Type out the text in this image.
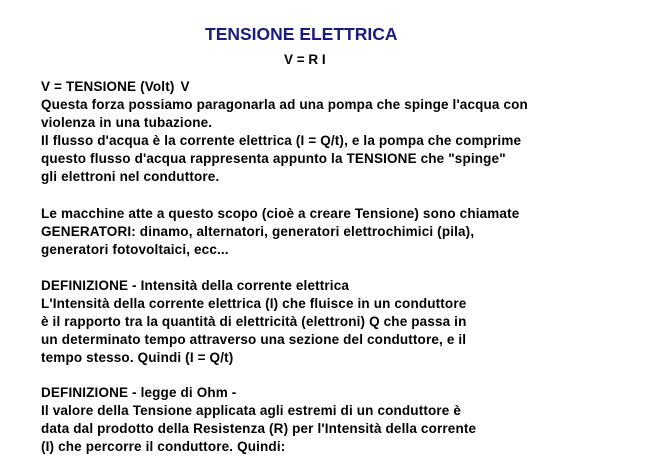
TENSIONE ELETTRICA
V = R I
V = TENSIONE (Volt) V
Questa forza possiamo paragonarla ad una pompa che spinge l'acqua con
violenza in una tubazione.
Il flusso d'acqua è la corrente elettrica (I = Q/t), e la pompa che comprime
questo flusso d'acqua rappresenta appunto la TENSIONE che "spinge"
gli elettroni nel conduttore.
Le macchine atte a questo scopo (cioè a creare Tensione) sono chiamate
GENERATORI: dinamo, alternatori, generatori elettrochimici (pila),
generatori fotovoltaici, ecc...
DEFINIZIONE - Intensità della corrente elettrica
L'Intensità della corrente elettrica (I) che fluisce in un conduttore
è il rapporto tra la quantità di elettricità (elettroni) Q che passa in
un determinato tempo attraverso una sezione del conduttore, e il
tempo stesso. Quindi (I = Q/t)
DEFINIZIONE - legge di Ohm -
Il valore della Tensione applicata agli estremi di un conduttore è
data dal prodotto della Resistenza (R) per l'Intensità della corrente
(I) che percorre il conduttore. Quindi:
